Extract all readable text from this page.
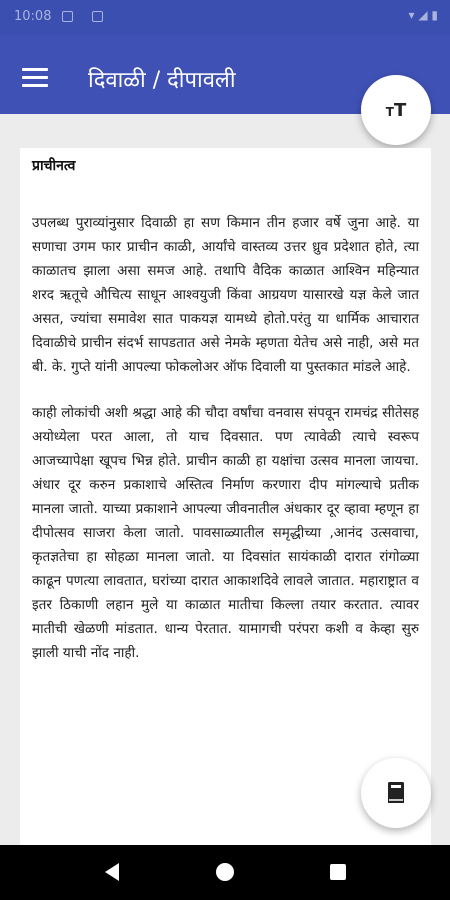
10:08	▾ ◢ ▮
दिवाळी / दीपावली
TT
प्राचीनत्व

उपलब्ध पुराव्यांनुसार दिवाळी हा सण किमान तीन हजार वर्षे जुना आहे. या सणाचा उगम फार प्राचीन काळी, आर्यांचे वास्तव्य उत्तर ध्रुव प्रदेशात होते, त्या काळातच झाला असा समज आहे. तथापि वैदिक काळात आश्विन महिन्यात शरद ऋतूचे औचित्य साधून आश्वयुजी किंवा आग्रयण यासारखे यज्ञ केले जात असत, ज्यांचा समावेश सात पाकयज्ञ यामध्ये होतो.परंतु या धार्मिक आचारात दिवाळीचे प्राचीन संदर्भ सापडतात असे नेमके म्हणता येतेच असे नाही, असे मत बी. के. गुप्ते यांनी आपल्या फोकलोअर ऑफ दिवाली या पुस्तकात मांडले आहे.

काही लोकांची अशी श्रद्धा आहे की चौदा वर्षांचा वनवास संपवून रामचंद्र सीतेसह अयोध्येला परत आला, तो याच दिवसात. पण त्यावेळी त्याचे स्वरूप आजच्यापेक्षा खूपच भिन्न होते. प्राचीन काळी हा यक्षांचा उत्सव मानला जायचा. अंधार दूर करुन प्रकाशाचे अस्तित्व निर्माण करणारा दीप मांगल्याचे प्रतीक मानला जातो. याच्या प्रकाशाने आपल्या जीवनातील अंधकार दूर व्हावा म्हणून हा दीपोत्सव साजरा केला जातो. पावसाळ्यातील समृद्धीच्या ,आनंद उत्सवाचा, कृतज्ञतेचा हा सोहळा मानला जातो. या दिवसांत सायंकाळी दारात रांगोळ्या काढून पणत्या लावतात, घरांच्या दारात आकाशदिवे लावले जातात. महाराष्ट्रात व इतर ठिकाणी लहान मुले या काळात मातीचा किल्ला तयार करतात. त्यावर मातीची खेळणी मांडतात. धान्य पेरतात. यामागची परंपरा कशी व केव्हा सुरु झाली याची नोंद नाही.
